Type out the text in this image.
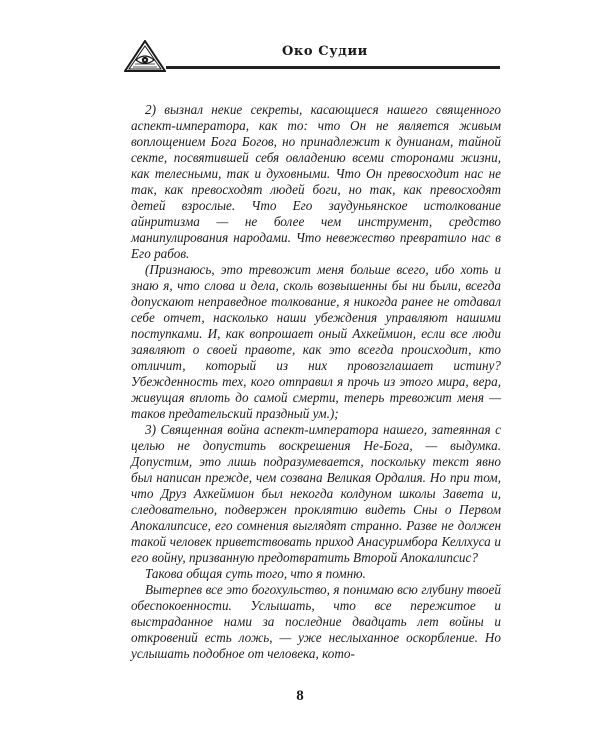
Око Судии

2) вызнал некие секреты, касающиеся нашего священного аспект-императора, как то: что Он не является живым воплощением Бога Богов, но принадлежит к дунианам, тайной секте, посвятившей себя овладению всеми сторонами жизни, как телесными, так и духовными. Что Он превосходит нас не так, как превосходят людей боги, но так, как превосходят детей взрослые. Что Его заудуньянское истолкование айнритизма — не более чем инструмент, средство манипулирования народами. Что невежество превратило нас в Его рабов.

(Признаюсь, это тревожит меня больше всего, ибо хоть и знаю я, что слова и дела, сколь возвышенны бы ни были, всегда допускают неправедное толкование, я никогда ранее не отдавал себе отчет, насколько наши убеждения управляют нашими поступками. И, как вопрошает оный Ахкеймион, если все люди заявляют о своей правоте, как это всегда происходит, кто отличит, который из них провозглашает истину? Убежденность тех, кого отправил я прочь из этого мира, вера, живущая вплоть до самой смерти, теперь тревожит меня — таков предательский праздный ум.);

3) Священная война аспект-императора нашего, затеянная с целью не допустить воскрешения Не-Бога, — выдумка. Допустим, это лишь подразумевается, поскольку текст явно был написан прежде, чем созвана Великая Ордалия. Но при том, что Друз Ахкеймион был некогда колдуном школы Завета и, следовательно, подвержен проклятию видеть Сны о Первом Апокалипсисе, его сомнения выглядят странно. Разве не должен такой человек приветствовать приход Анасуримбора Келлхуса и его войну, призванную предотвратить Второй Апокалипсис?

Такова общая суть того, что я помню.

Вытерпев все это богохульство, я понимаю всю глубину твоей обеспокоенности. Услышать, что все пережитое и выстраданное нами за последние двадцать лет войны и откровений есть ложь, — уже неслыханное оскорбление. Но услышать подобное от человека, кото-

8
